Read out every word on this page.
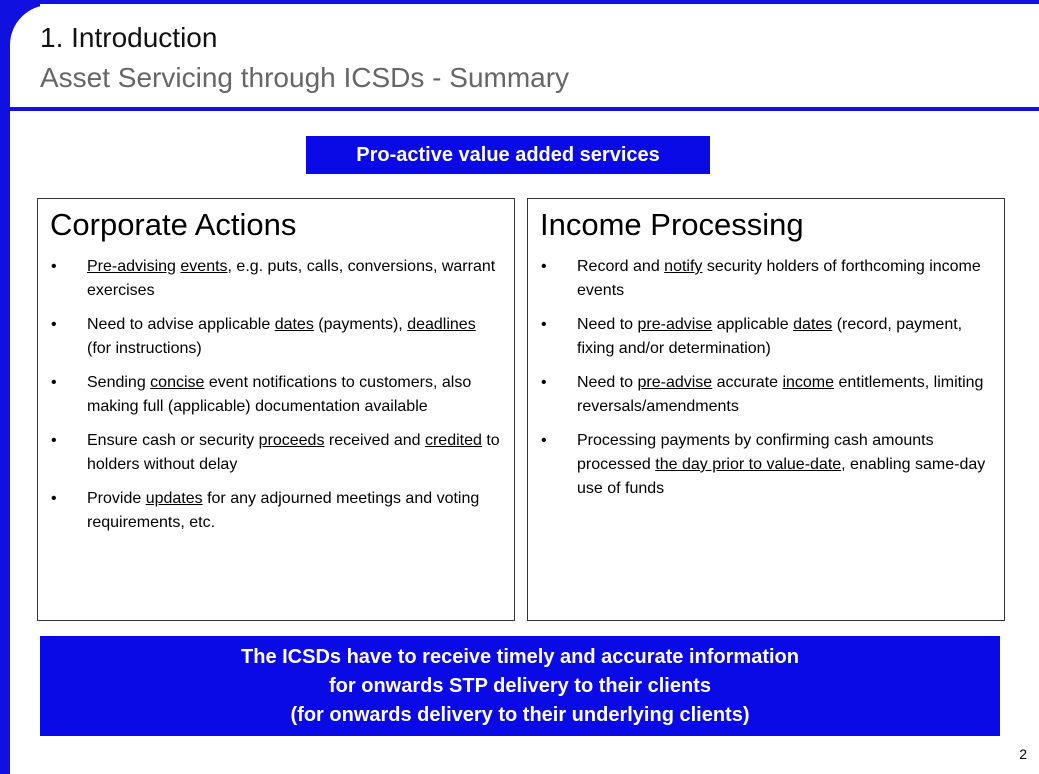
1. Introduction
Asset Servicing through ICSDs - Summary
Pro-active value added services
Corporate Actions
• Pre-advising events, e.g. puts, calls, conversions, warrant exercises
• Need to advise applicable dates (payments), deadlines (for instructions)
• Sending concise event notifications to customers, also making full (applicable) documentation available
• Ensure cash or security proceeds received and credited to holders without delay
• Provide updates for any adjourned meetings and voting requirements, etc.
Income Processing
• Record and notify security holders of forthcoming income events
• Need to pre-advise applicable dates (record, payment, fixing and/or determination)
• Need to pre-advise accurate income entitlements, limiting reversals/amendments
• Processing payments by confirming cash amounts processed the day prior to value-date, enabling same-day use of funds
The ICSDs have to receive timely and accurate information
for onwards STP delivery to their clients
(for onwards delivery to their underlying clients)
2
